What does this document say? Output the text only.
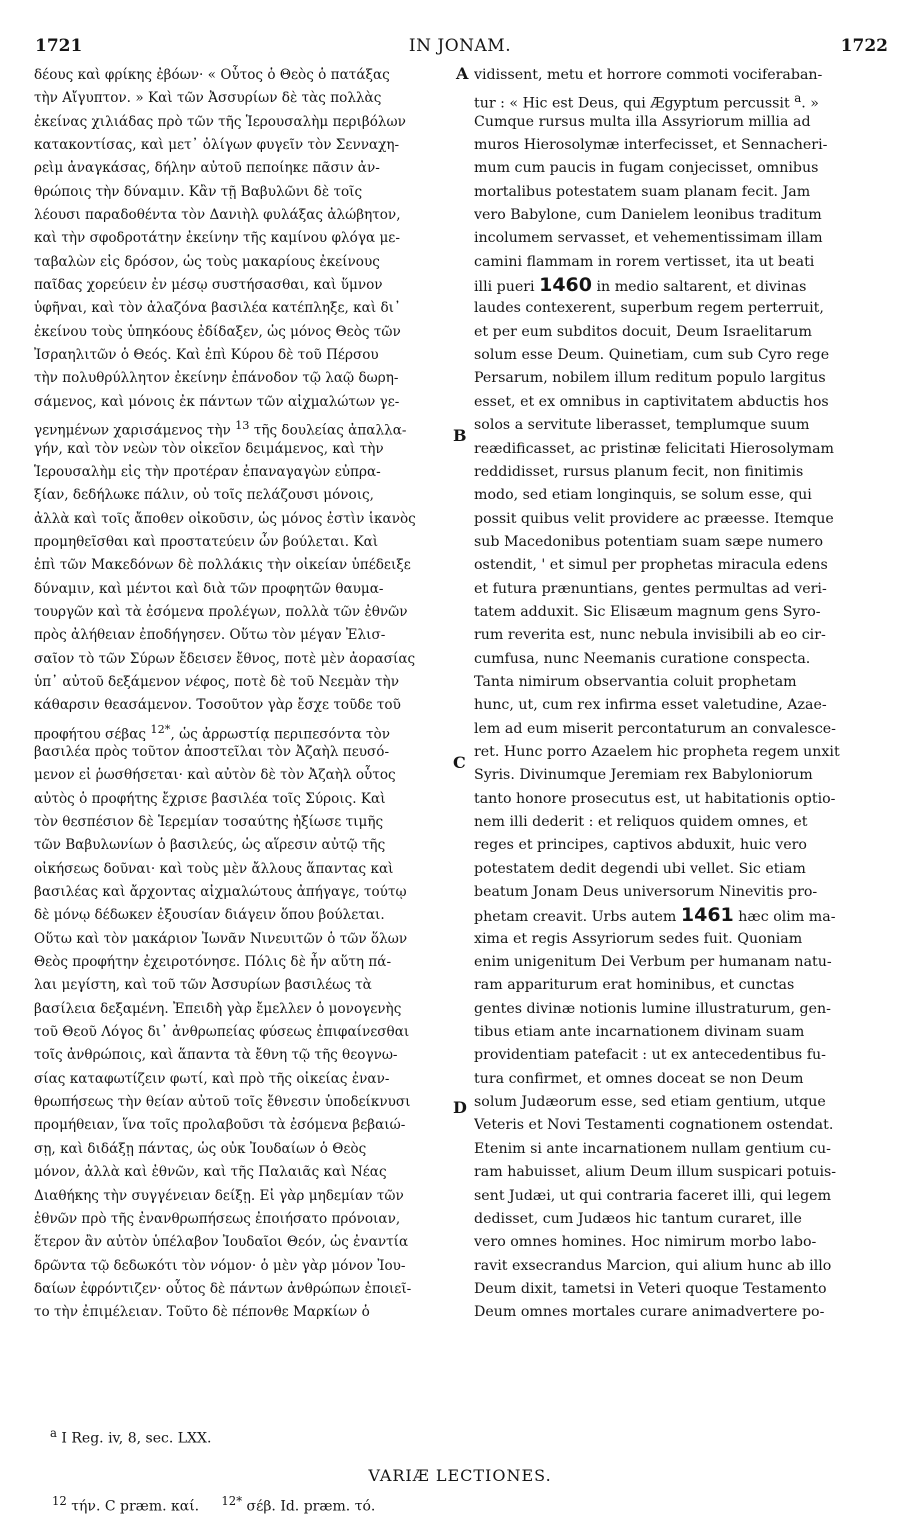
1721	IN JONAM.	1722
δέους καὶ φρίκης ἐβόων· « Οὗτος ὁ Θεὸς ὁ πατάξας
τὴν Αἴγυπτον. » Καὶ τῶν Ἀσσυρίων δὲ τὰς πολλὰς
ἐκείνας χιλιάδας πρὸ τῶν τῆς Ἱερουσαλὴμ περιβόλων
κατακοντίσας, καὶ μετ᾿ ὀλίγων φυγεῖν τὸν Σενναχη-
ρεὶμ ἀναγκάσας, δήλην αὐτοῦ πεποίηκε πᾶσιν ἀν-
θρώποις τὴν δύναμιν. Κἂν τῇ Βαβυλῶνι δὲ τοῖς
λέουσι παραδοθέντα τὸν Δανιὴλ φυλάξας ἀλώβητον,
καὶ τὴν σφοδροτάτην ἐκείνην τῆς καμίνου φλόγα με-
ταβαλὼν εἰς δρόσον, ὡς τοὺς μακαρίους ἐκείνους
παῖδας χορεύειν ἐν μέσῳ συστήσασθαι, καὶ ὕμνον
ὑφῆναι, καὶ τὸν ἀλαζόνα βασιλέα κατέπληξε, καὶ δι᾿
ἐκείνου τοὺς ὑπηκόους ἐδίδαξεν, ὡς μόνος Θεὸς τῶν
Ἰσραηλιτῶν ὁ Θεός. Καὶ ἐπὶ Κύρου δὲ τοῦ Πέρσου
τὴν πολυθρύλλητον ἐκείνην ἐπάνοδον τῷ λαῷ δωρη-
σάμενος, καὶ μόνοις ἐκ πάντων τῶν αἰχμαλώτων γε-
γενημένων χαρισάμενος τὴν $^{13}$ τῆς δουλείας ἀπαλλα-
γήν, καὶ τὸν νεὼν τὸν οἰκεῖον δειμάμενος, καὶ τὴν
Ἱερουσαλὴμ εἰς τὴν προτέραν ἐπαναγαγὼν εὐπρα-
ξίαν, δεδήλωκε πάλιν, οὐ τοῖς πελάζουσι μόνοις,
ἀλλὰ καὶ τοῖς ἄποθεν οἰκοῦσιν, ὡς μόνος ἐστὶν ἱκανὸς
προμηθεῖσθαι καὶ προστατεύειν ὧν βούλεται. Καὶ
ἐπὶ τῶν Μακεδόνων δὲ πολλάκις τὴν οἰκείαν ὑπέδειξε
δύναμιν, καὶ μέντοι καὶ διὰ τῶν προφητῶν θαυμα-
τουργῶν καὶ τὰ ἐσόμενα προλέγων, πολλὰ τῶν ἐθνῶν
πρὸς ἀλήθειαν ἐποδήγησεν. Οὕτω τὸν μέγαν Ἐλισ-
σαῖον τὸ τῶν Σύρων ἔδεισεν ἔθνος, ποτὲ μὲν ἀορασίας
ὑπ᾿ αὐτοῦ δεξάμενον νέφος, ποτὲ δὲ τοῦ Νεεμὰν τὴν
κάθαρσιν θεασάμενον. Τοσοῦτον γὰρ ἔσχε τοῦδε τοῦ
προφήτου σέβας $^{12*}$, ὡς ἀρρωστίᾳ περιπεσόντα τὸν
βασιλέα πρὸς τοῦτον ἀποστεῖλαι τὸν Ἀζαὴλ πευσό-
μενον εἰ ῥωσθήσεται· καὶ αὐτὸν δὲ τὸν Ἀζαὴλ οὗτος
αὐτὸς ὁ προφήτης ἔχρισε βασιλέα τοῖς Σύροις. Καὶ
τὸν θεσπέσιον δὲ Ἱερεμίαν τοσαύτης ἠξίωσε τιμῆς
τῶν Βαβυλωνίων ὁ βασιλεύς, ὡς αἵρεσιν αὐτῷ τῆς
οἰκήσεως δοῦναι· καὶ τοὺς μὲν ἄλλους ἅπαντας καὶ
βασιλέας καὶ ἄρχοντας αἰχμαλώτους ἀπήγαγε, τούτῳ
δὲ μόνῳ δέδωκεν ἐξουσίαν διάγειν ὅπου βούλεται.
Οὕτω καὶ τὸν μακάριον Ἰωνᾶν Νινευιτῶν ὁ τῶν ὅλων
Θεὸς προφήτην ἐχειροτόνησε. Πόλις δὲ ἦν αὕτη πά-
λαι μεγίστη, καὶ τοῦ τῶν Ἀσσυρίων βασιλέως τὰ
βασίλεια δεξαμένη. Ἐπειδὴ γὰρ ἔμελλεν ὁ μονογενὴς
τοῦ Θεοῦ Λόγος δι᾿ ἀνθρωπείας φύσεως ἐπιφαίνεσθαι
τοῖς ἀνθρώποις, καὶ ἅπαντα τὰ ἔθνη τῷ τῆς θεογνω-
σίας καταφωτίζειν φωτί, καὶ πρὸ τῆς οἰκείας ἐναν-
θρωπήσεως τὴν θείαν αὐτοῦ τοῖς ἔθνεσιν ὑποδείκνυσι
προμήθειαν, ἵνα τοῖς προλαβοῦσι τὰ ἐσόμενα βεβαιώ-
σῃ, καὶ διδάξῃ πάντας, ὡς οὐκ Ἰουδαίων ὁ Θεὸς
μόνον, ἀλλὰ καὶ ἐθνῶν, καὶ τῆς Παλαιᾶς καὶ Νέας
Διαθήκης τὴν συγγένειαν δείξῃ. Εἰ γὰρ μηδεμίαν τῶν
ἐθνῶν πρὸ τῆς ἐνανθρωπήσεως ἐποιήσατο πρόνοιαν,
ἕτερον ἂν αὐτὸν ὑπέλαβον Ἰουδαῖοι Θεόν, ὡς ἐναντία
δρῶντα τῷ δεδωκότι τὸν νόμον· ὁ μὲν γὰρ μόνον Ἰου-
δαίων ἐφρόντιζεν· οὗτος δὲ πάντων ἀνθρώπων ἐποιεῖ-
το τὴν ἐπιμέλειαν. Τοῦτο δὲ πέπονθε Μαρκίων ὁ
vidissent, metu et horrore commoti vociferaban-
tur : « Hic est Deus, qui Ægyptum percussit $^a$. »
Cumque rursus multa illa Assyriorum millia ad
muros Hierosolymæ interfecisset, et Sennacheri-
mum cum paucis in fugam conjecisset, omnibus
mortalibus potestatem suam planam fecit. Jam
vero Babylone, cum Danielem leonibus traditum
incolumem servasset, et vehementissimam illam
camini flammam in rorem vertisset, ita ut beati
illi pueri 1460 in medio saltarent, et divinas
laudes contexerent, superbum regem perterruit,
et per eum subditos docuit, Deum Israelitarum
solum esse Deum. Quinetiam, cum sub Cyro rege
Persarum, nobilem illum reditum populo largitus
esset, et ex omnibus in captivitatem abductis hos
solos a servitute liberasset, templumque suum
reædificasset, ac pristinæ felicitati Hierosolymam
reddidisset, rursus planum fecit, non finitimis
modo, sed etiam longinquis, se solum esse, qui
possit quibus velit providere ac præesse. Itemque
sub Macedonibus potentiam suam sæpe numero
ostendit, ' et simul per prophetas miracula edens
et futura prænuntians, gentes permultas ad veri-
tatem adduxit. Sic Elisæum magnum gens Syro-
rum reverita est, nunc nebula invisibili ab eo cir-
cumfusa, nunc Neemanis curatione conspecta.
Tanta nimirum observantia coluit prophetam
hunc, ut, cum rex infirma esset valetudine, Azae-
lem ad eum miserit percontaturum an convalesce-
ret. Hunc porro Azaelem hic propheta regem unxit
Syris. Divinumque Jeremiam rex Babyloniorum
tanto honore prosecutus est, ut habitationis optio-
nem illi dederit : et reliquos quidem omnes, et
reges et principes, captivos abduxit, huic vero
potestatem dedit degendi ubi vellet. Sic etiam
beatum Jonam Deus universorum Ninevitis pro-
phetam creavit. Urbs autem 1461 hæc olim ma-
xima et regis Assyriorum sedes fuit. Quoniam
enim unigenitum Dei Verbum per humanam natu-
ram appariturum erat hominibus, et cunctas
gentes divinæ notionis lumine illustraturum, gen-
tibus etiam ante incarnationem divinam suam
providentiam patefacit : ut ex antecedentibus fu-
tura confirmet, et omnes doceat se non Deum
solum Judæorum esse, sed etiam gentium, utque
Veteris et Novi Testamenti cognationem ostendat.
Etenim si ante incarnationem nullam gentium cu-
ram habuisset, alium Deum illum suspicari potuis-
sent Judæi, ut qui contraria faceret illi, qui legem
dedisset, cum Judæos hic tantum curaret, ille
vero omnes homines. Hoc nimirum morbo labo-
ravit exsecrandus Marcion, qui alium hunc ab illo
Deum dixit, tametsi in Veteri quoque Testamento
Deum omnes mortales curare animadvertere po-
A
B
C
D
$^a$ I Reg. iv, 8, sec. LXX.
VARIÆ LECTIONES.
$^{12}$ τήν. C præm. καί.     $^{12*}$ σέβ. Id. præm. τό.
